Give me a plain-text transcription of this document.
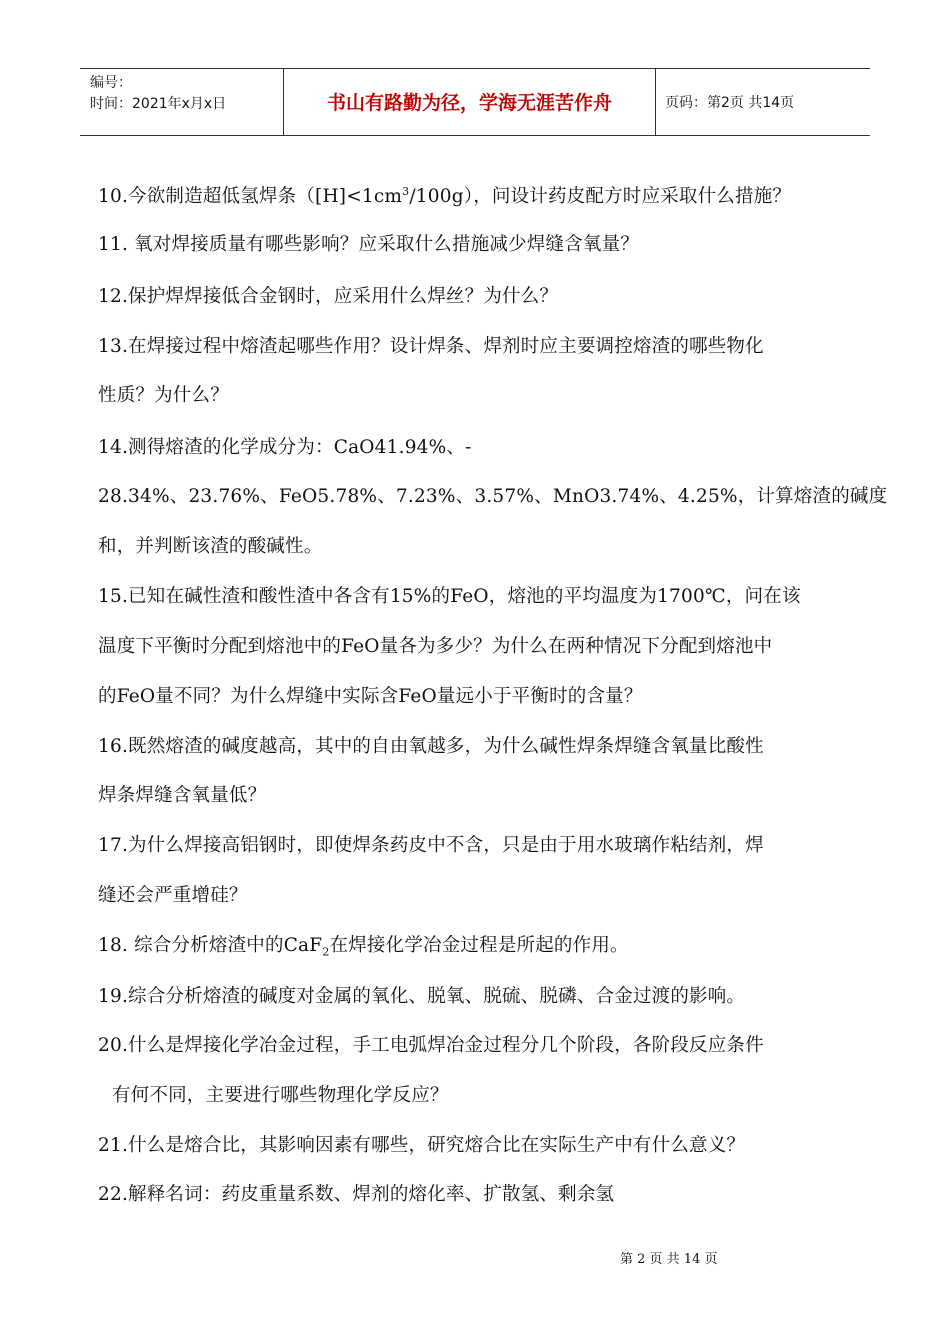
编号：
时间：2021年x月x日	书山有路勤为径，学海无涯苦作舟	页码：第2页 共14页
10.今欲制造超低氢焊条$([H]<1cm^3/100g)$，问设计药皮配方时应采取什么措施？
11. 氧对焊接质量有哪些影响？应采取什么措施减少焊缝含氧量？
12.保护焊焊接低合金钢时，应采用什么焊丝？为什么？
13.在焊接过程中熔渣起哪些作用？设计焊条、焊剂时应主要调控熔渣的哪些物化
性质？为什么？
14.测得熔渣的化学成分为：CaO41.94%、-
28.34%、23.76%、FeO5.78%、7.23%、3.57%、MnO3.74%、4.25%，计算熔渣的碱度
和，并判断该渣的酸碱性。
15.已知在碱性渣和酸性渣中各含有15%的FeO，熔池的平均温度为1700℃，问在该
温度下平衡时分配到熔池中的FeO量各为多少？为什么在两种情况下分配到熔池中
的FeO量不同？为什么焊缝中实际含FeO量远小于平衡时的含量？
16.既然熔渣的碱度越高，其中的自由氧越多，为什么碱性焊条焊缝含氧量比酸性
焊条焊缝含氧量低？
17.为什么焊接高铝钢时，即使焊条药皮中不含，只是由于用水玻璃作粘结剂，焊
缝还会严重增硅？
18. 综合分析熔渣中的CaF$_2$在焊接化学冶金过程是所起的作用。
19.综合分析熔渣的碱度对金属的氧化、脱氧、脱硫、脱磷、合金过渡的影响。
20.什么是焊接化学冶金过程，手工电弧焊冶金过程分几个阶段，各阶段反应条件
有何不同，主要进行哪些物理化学反应？
21.什么是熔合比，其影响因素有哪些，研究熔合比在实际生产中有什么意义？
22.解释名词：药皮重量系数、焊剂的熔化率、扩散氢、剩余氢
第 2 页 共 14 页
